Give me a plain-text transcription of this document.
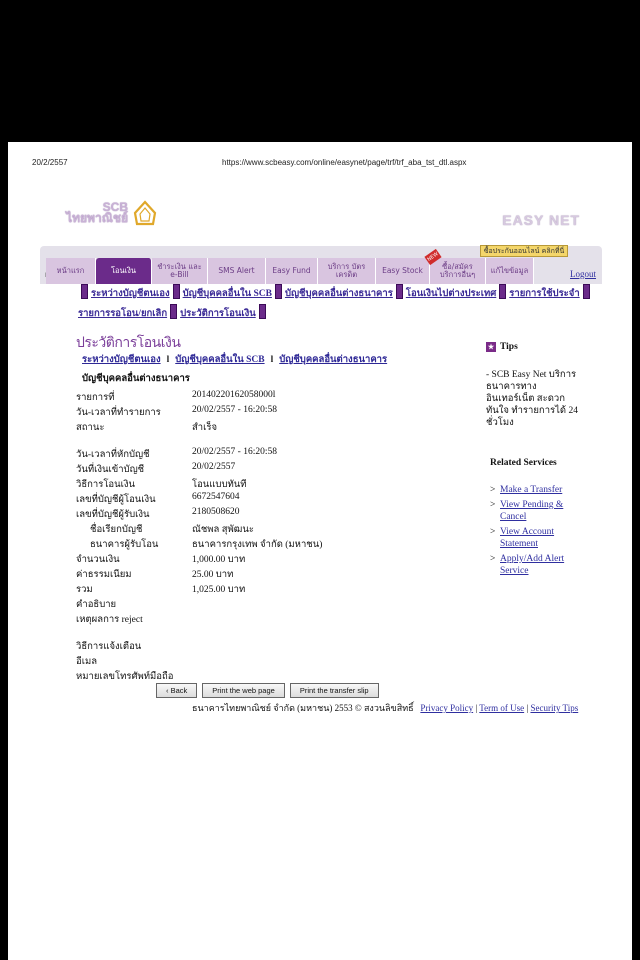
20/2/2557	https://www.scbeasy.com/online/easynet/page/trf/trf_aba_tst_dtl.aspx
SCB
ไทยพาณิชย์	EASY NET
ซื้อประกันออนไลน์ คลิกที่นี่
หน้าแรก	โอนเงิน	ชำระเงิน และ e-Bill	SMS Alert	Easy Fund	บริการ บัตรเครดิต	Easy Stock
NEW
ซื้อ/สมัคร บริการอื่นๆ	แก้ไขข้อมูล	Logout
ระหว่างบัญชีตนเอง บัญชีบุคคลอื่นใน SCB บัญชีบุคคลอื่นต่างธนาคาร โอนเงินไปต่างประเทศ รายการใช้ประจำรายการรอโอน/ยกเลิก ประวัติการโอนเงิน
ประวัติการโอนเงิน
ระหว่างบัญชีตนเอง l บัญชีบุคคลอื่นใน SCB l บัญชีบุคคลอื่นต่างธนาคาร
บัญชีบุคคลอื่นต่างธนาคาร
รายการที่	20140220162058000l
วัน-เวลาที่ทำรายการ	20/02/2557 - 16:20:58
สถานะ	สำเร็จ
วัน-เวลาที่หักบัญชี	20/02/2557 - 16:20:58
วันที่เงินเข้าบัญชี	20/02/2557
วิธีการโอนเงิน	โอนแบบทันที
เลขที่บัญชีผู้โอนเงิน	6672547604
เลขที่บัญชีผู้รับเงิน	2180508620
ชื่อเรียกบัญชี	ณัชพล สุพัฒนะ
ธนาคารผู้รับโอน	ธนาคารกรุงเทพ จำกัด (มหาชน)
จำนวนเงิน	1,000.00 บาท
ค่าธรรมเนียม	25.00 บาท
รวม	1,025.00 บาท
คำอธิบาย
เหตุผลการ reject
วิธีการแจ้งเตือน
อีเมล
หมายเลขโทรศัพท์มือถือ
‹ Back	Print the web page	Print the transfer slip
ธนาคารไทยพาณิชย์ จำกัด (มหาชน) 2553 © สงวนลิขสิทธิ์ Privacy Policy | Term of Use | Security Tips
★ Tips
- SCB Easy Net บริการธนาคารทางอินเทอร์เน็ต สะดวก ทันใจ ทำรายการได้ 24 ชั่วโมง
Related Services
> Make a Transfer
> View Pending & Cancel
> View Account Statement
> Apply/Add Alert Service
